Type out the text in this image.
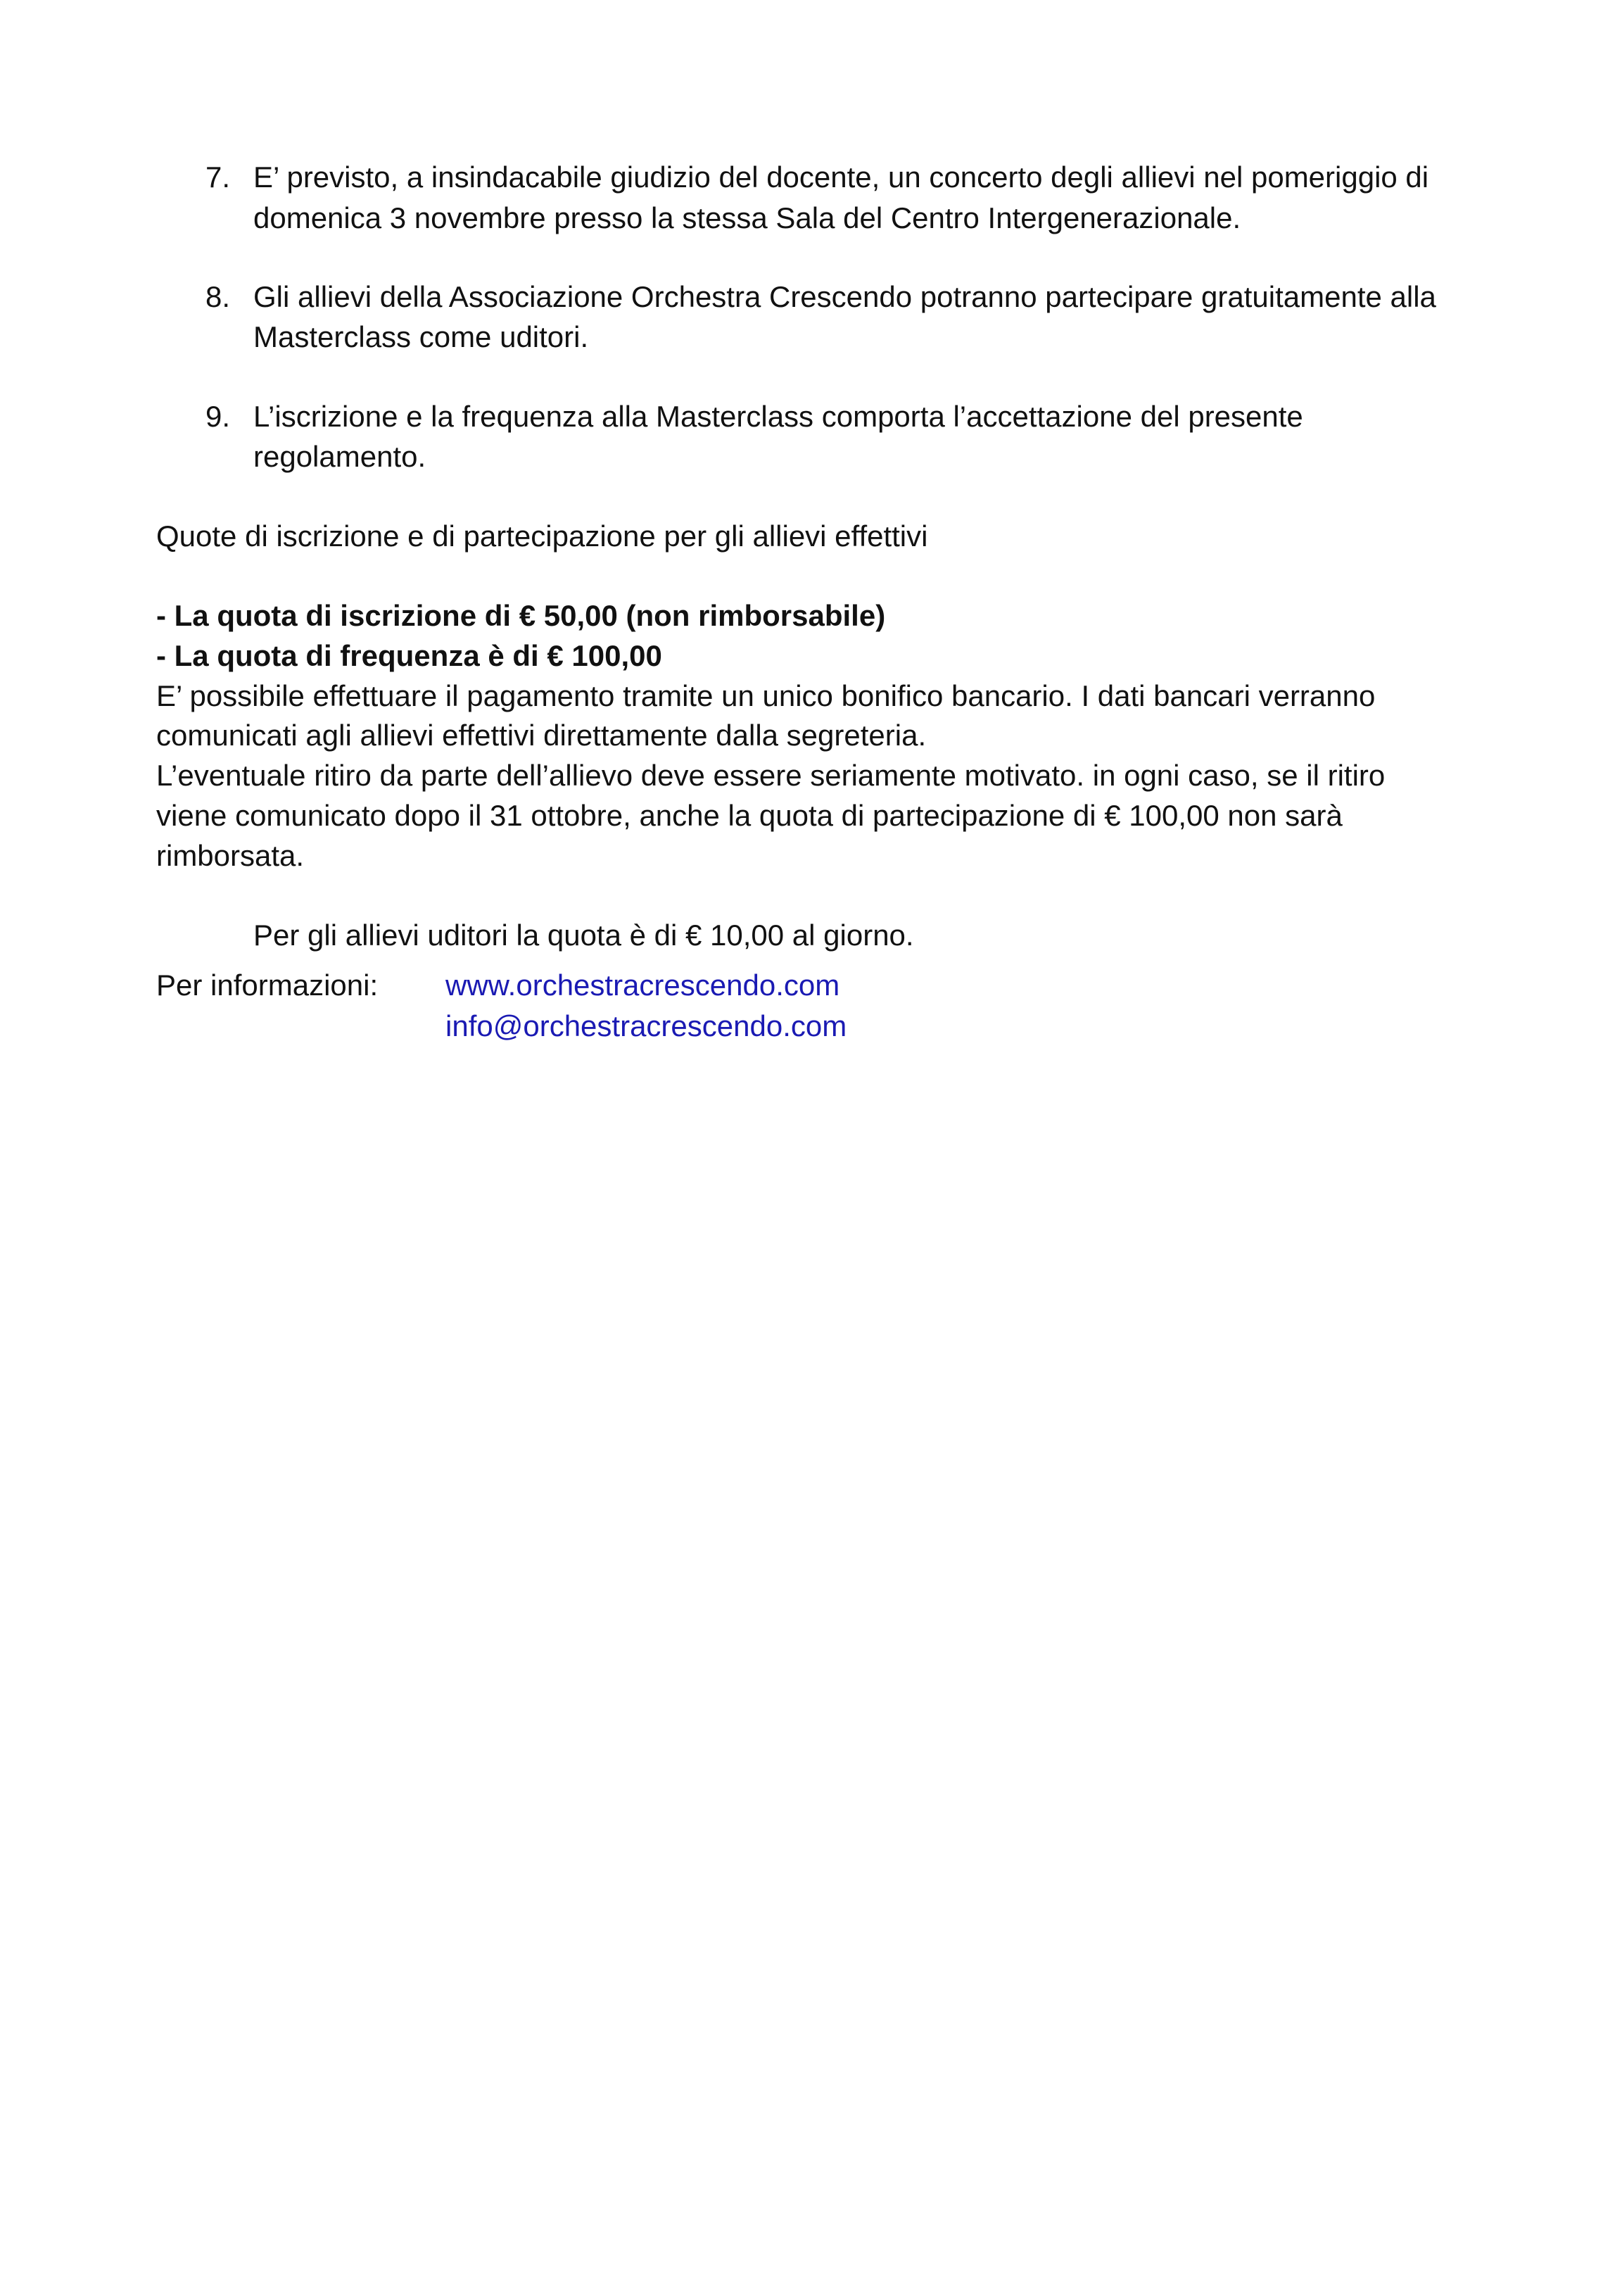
7. E’ previsto, a insindacabile giudizio del docente, un concerto degli allievi nel pomeriggio di

domenica 3 novembre presso la stessa Sala del Centro Intergenerazionale.

8. Gli allievi della Associazione Orchestra Crescendo potranno partecipare gratuitamente alla

Masterclass come uditori.

9. L’iscrizione e la frequenza alla Masterclass comporta l’accettazione del presente

regolamento.

Quote di iscrizione e di partecipazione per gli allievi effettivi

- La quota di iscrizione di € 50,00 (non rimborsabile)

- La quota di frequenza è di € 100,00

E’ possibile effettuare il pagamento tramite un unico bonifico bancario. I dati bancari verranno

comunicati agli allievi effettivi direttamente dalla segreteria.

L’eventuale ritiro da parte dell’allievo deve essere seriamente motivato. in ogni caso, se il ritiro

viene comunicato dopo il 31 ottobre, anche la quota di partecipazione di € 100,00 non sarà

rimborsata.

Per gli allievi uditori la quota è di € 10,00 al giorno.

Per informazioni: www.orchestracrescendo.com

info@orchestracrescendo.com
